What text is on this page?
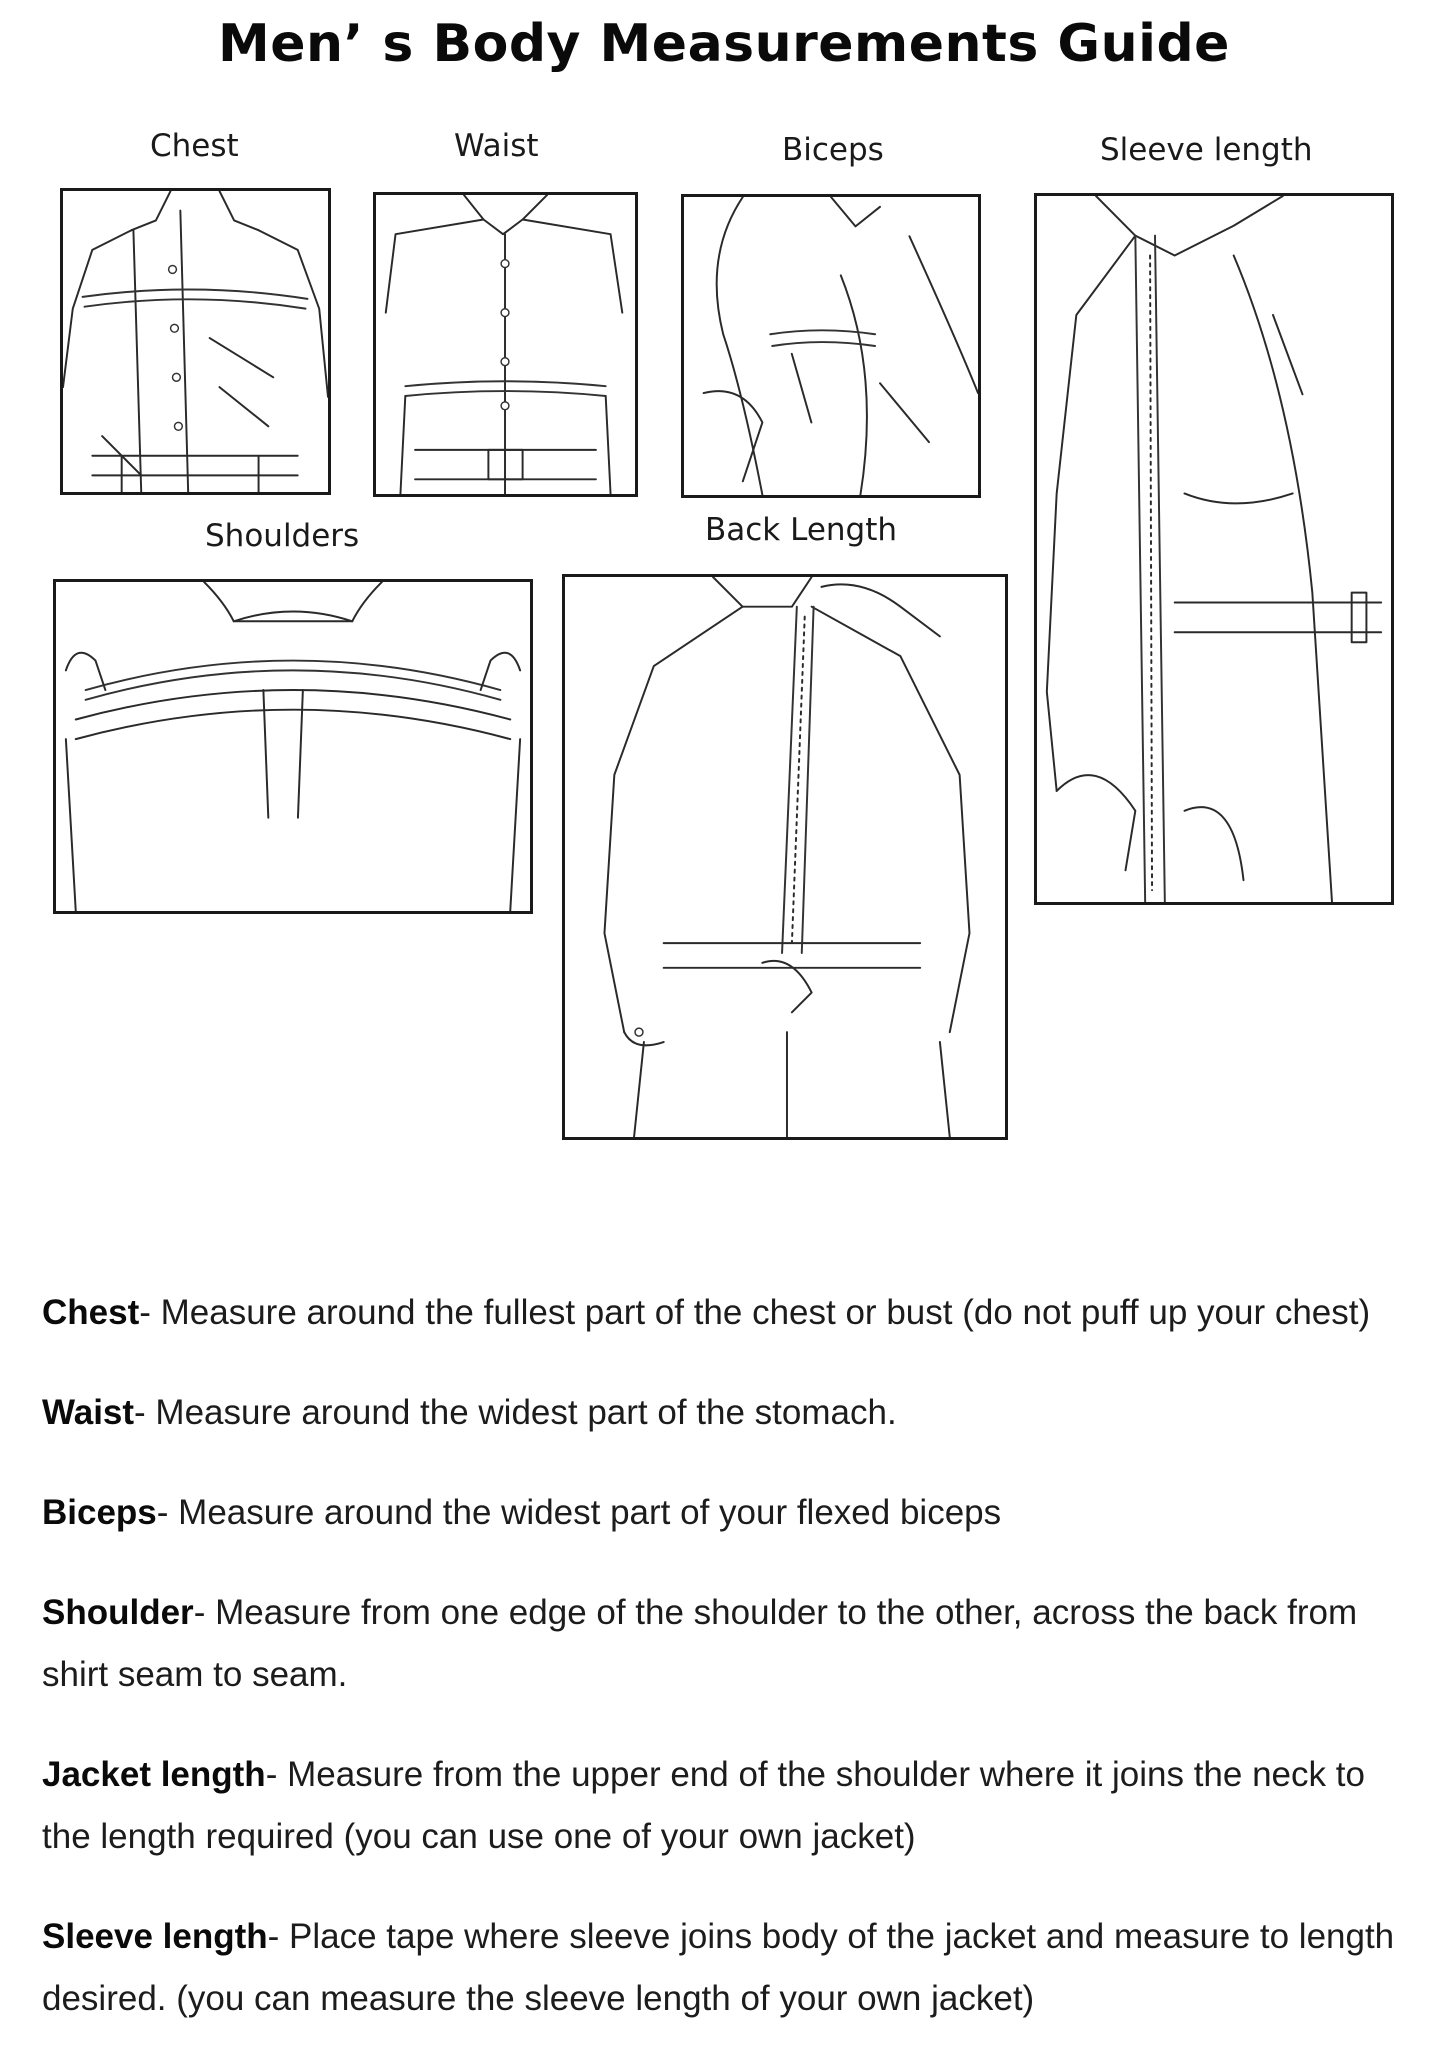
Men’ s Body Measurements Guide
Chest	Waist	Biceps	Sleeve length
Shoulders	Back Length

Chest- Measure around the fullest part of the chest or bust (do not puff up your chest)

Waist- Measure around the widest part of the stomach.

Biceps- Measure around the widest part of your flexed biceps

Shoulder- Measure from one edge of the shoulder to the other, across the back from shirt seam to seam.

Jacket length- Measure from the upper end of the shoulder where it joins the neck to the length required (you can use one of your own jacket)

Sleeve length- Place tape where sleeve joins body of the jacket and measure to length desired. (you can measure the sleeve length of your own jacket)
